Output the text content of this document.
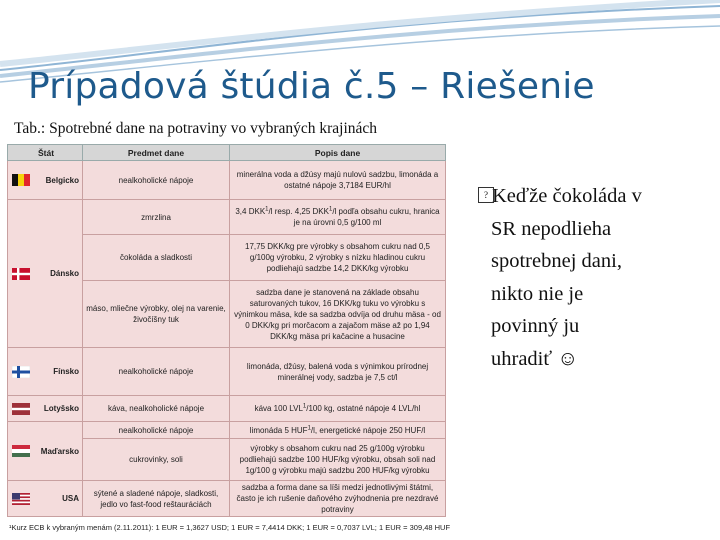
Prípadová štúdia č.5 – Riešenie
Tab.: Spotrebné dane na potraviny vo vybraných krajinách
Štát	Predmet dane	Popis dane

Belgicko	nealkoholické nápoje	minerálna voda a džúsy majú nulovú sadzbu, limonáda a ostatné nápoje 3,7184 EUR/hl

Dánsko	zmrzlina	3,4 DKK$^1$/l resp. 4,25 DKK$^1$/l podľa obsahu cukru, hranica je na úrovni 0,5 g/100 ml
	čokoláda a sladkosti	17,75 DKK/kg pre výrobky s obsahom cukru nad 0,5 g/100g výrobku, 2 výrobky s nízku hladinou cukru podliehajú sadzbe 14,2 DKK/kg výrobku
	máso, mliečne výrobky, olej na varenie, živočíšny tuk	sadzba dane je stanovená na základe obsahu saturovaných tukov, 16 DKK/kg tuku vo výrobku s výnimkou mäsa, kde sa sadzba odvíja od druhu mäsa - od 0 DKK/kg pri morčacom a zajačom mäse až po 1,94 DKK/kg mäsa pri kačacine a husacine

Fínsko	nealkoholické nápoje	limonáda, džúsy, balená voda s výnimkou prírodnej minerálnej vody, sadzba je 7,5 ct/l

Lotyšsko	káva, nealkoholické nápoje	káva 100 LVL$^1$/100 kg, ostatné nápoje 4 LVL/hl

Maďarsko	nealkoholické nápoje	limonáda 5 HUF$^1$/l, energetické nápoje 250 HUF/l
	cukrovinky, soli	výrobky s obsahom cukru nad 25 g/100g výrobku podliehajú sadzbe 100 HUF/kg výrobku, obsah soli nad 1g/100 g výrobku majú sadzbu 200 HUF/kg výrobku

USA	sýtené a sladené nápoje, sladkosti, jedlo vo fast-food reštauráciách	sadzba a forma dane sa líši medzi jednotlivými štátmi, často je ich rušenie daňového zvýhodnenia pre nezdravé potraviny
¹Kurz ECB k vybraným menám (2.11.2011): 1 EUR = 1,3627 USD; 1 EUR = 7,4414 DKK; 1 EUR = 0,7037 LVL; 1 EUR = 309,48 HUF
? Keďže čokoláda v
SR nepodlieha
spotrebnej dani,
nikto nie je
povinný ju
uhradiť ☺
